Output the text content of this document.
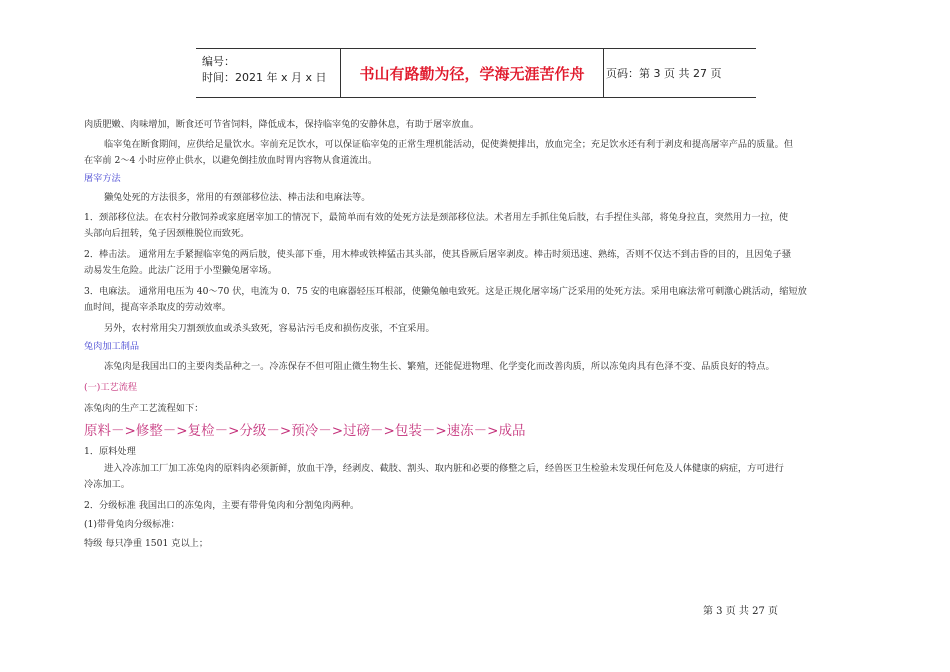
编号：
时间：2021 年 x 月 x 日	书山有路勤为径，学海无涯苦作舟	页码：第 3 页 共 27 页
肉质肥嫩、肉味增加，断食还可节省饲料，降低成本，保持临宰兔的安静休息，有助于屠宰放血。
临宰兔在断食期间，应供给足量饮水。宰前充足饮水，可以保证临宰兔的正常生理机能活动，促使粪便排出，放血完全；充足饮水还有利于剥皮和提高屠宰产品的质量。但
在宰前 2～4 小时应停止供水，以避免倒挂放血时胃内容物从食道流出。
屠宰方法
獭兔处死的方法很多，常用的有颈部移位法、棒击法和电麻法等。
1．颈部移位法。在农村分散饲养或家庭屠宰加工的情况下，最简单而有效的处死方法是颈部移位法。术者用左手抓住兔后肢，右手捏住头部，将兔身拉直，突然用力一拉，使
头部向后扭转，兔子因颈椎脱位而致死。
2．棒击法。 通常用左手紧握临宰兔的两后肢，使头部下垂，用木棒或铁棒猛击其头部，使其昏厥后屠宰剥皮。棒击时须迅速、熟练，否则不仅达不到击昏的目的，且因兔子骚
动易发生危险。此法广泛用于小型獭兔屠宰场。
3．电麻法。 通常用电压为 40～70 伏，电流为 0．75 安的电麻器轻压耳根部，使獭兔触电致死。这是正规化屠宰场广泛采用的处死方法。采用电麻法常可刺激心跳活动，缩短放
血时间，提高宰杀取皮的劳动效率。
另外，农村常用尖刀割颈放血或杀头致死，容易沾污毛皮和损伤皮张，不宜采用。
兔肉加工制品
冻兔肉是我国出口的主要肉类品种之一。冷冻保存不但可阻止微生物生长、繁殖，还能促进物理、化学变化而改善肉质，所以冻兔肉具有色泽不变、品质良好的特点。
(一)工艺流程
冻兔肉的生产工艺流程如下：
原料－>修整－>复检－>分级－>预冷－>过磅－>包装－>速冻－>成品
1．原料处理
进入冷冻加工厂加工冻兔肉的原料肉必须新鲜，放血干净，经剥皮、截肢、割头、取内脏和必要的修整之后，经兽医卫生检验未发现任何危及人体健康的病症，方可进行
冷冻加工。
2．分级标准 我国出口的冻兔肉，主要有带骨兔肉和分割兔肉两种。
(1)带骨兔肉分级标准：
特级 每只净重 1501 克以上；
第 3 页 共 27 页
